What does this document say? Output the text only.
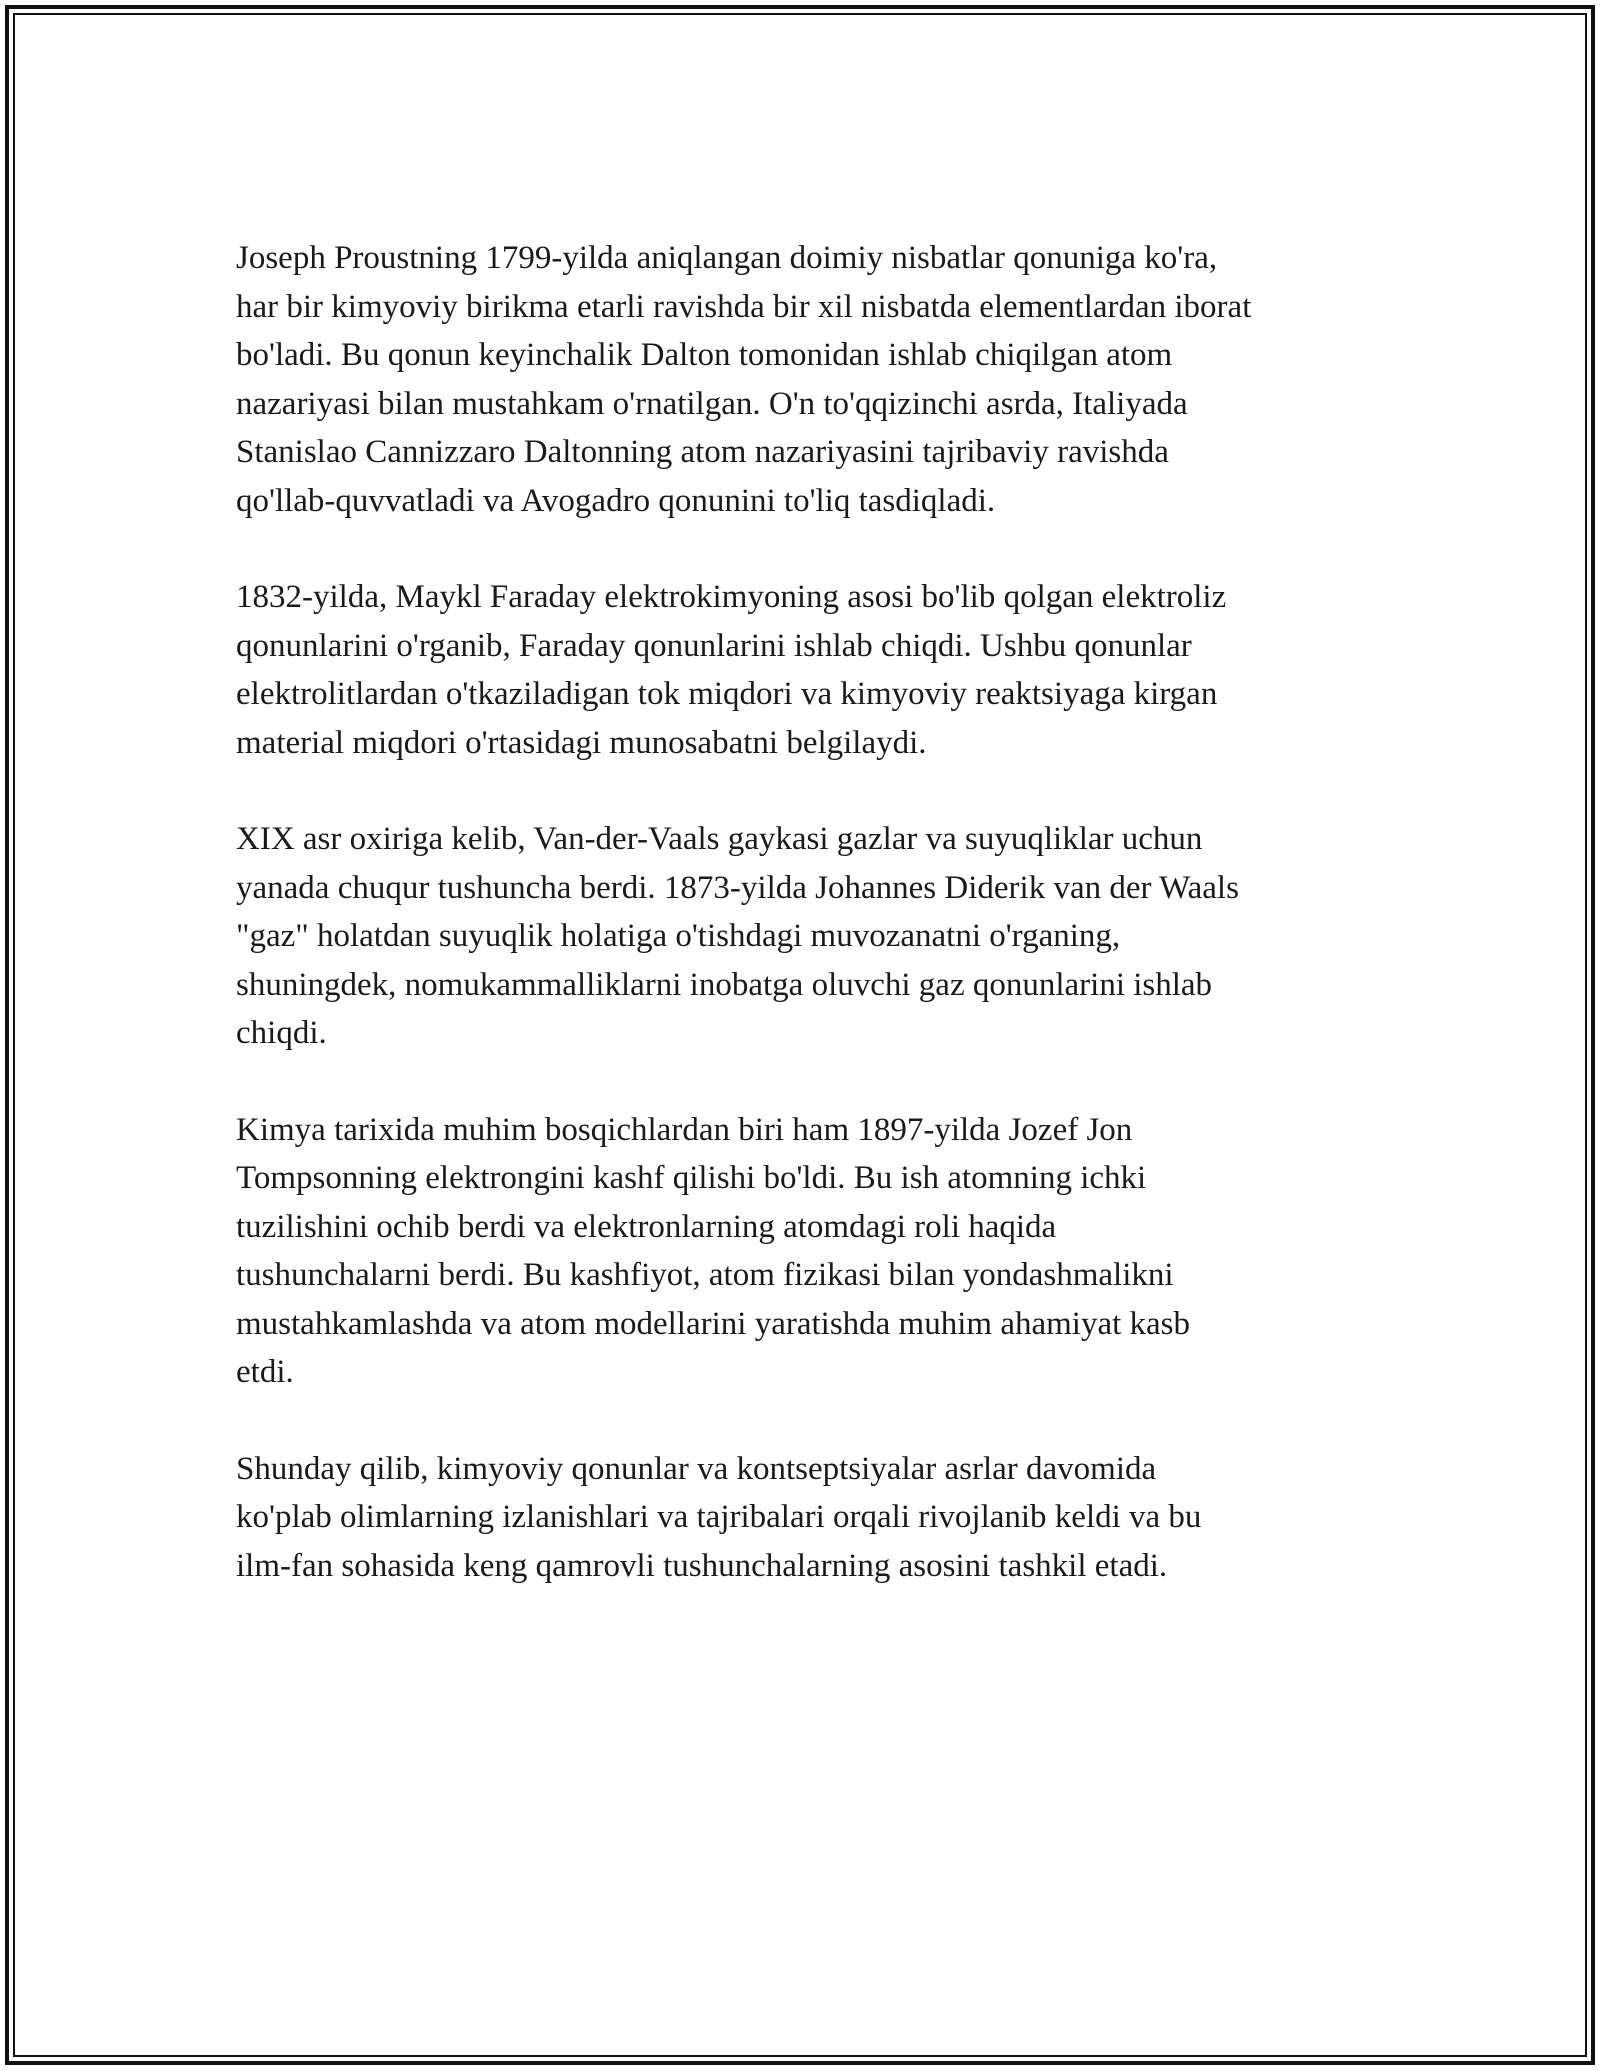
Joseph Proustning 1799-yilda aniqlangan doimiy nisbatlar qonuniga ko'ra,
har bir kimyoviy birikma etarli ravishda bir xil nisbatda elementlardan iborat
bo'ladi. Bu qonun keyinchalik Dalton tomonidan ishlab chiqilgan atom
nazariyasi bilan mustahkam o'rnatilgan. O'n to'qqizinchi asrda, Italiyada
Stanislao Cannizzaro Daltonning atom nazariyasini tajribaviy ravishda
qo'llab-quvvatladi va Avogadro qonunini to'liq tasdiqladi.

1832-yilda, Maykl Faraday elektrokimyoning asosi bo'lib qolgan elektroliz
qonunlarini o'rganib, Faraday qonunlarini ishlab chiqdi. Ushbu qonunlar
elektrolitlardan o'tkaziladigan tok miqdori va kimyoviy reaktsiyaga kirgan
material miqdori o'rtasidagi munosabatni belgilaydi.

XIX asr oxiriga kelib, Van-der-Vaals gaykasi gazlar va suyuqliklar uchun
yanada chuqur tushuncha berdi. 1873-yilda Johannes Diderik van der Waals
"gaz" holatdan suyuqlik holatiga o'tishdagi muvozanatni o'rganing,
shuningdek, nomukammalliklarni inobatga oluvchi gaz qonunlarini ishlab
chiqdi.

Kimya tarixida muhim bosqichlardan biri ham 1897-yilda Jozef Jon
Tompsonning elektrongini kashf qilishi bo'ldi. Bu ish atomning ichki
tuzilishini ochib berdi va elektronlarning atomdagi roli haqida
tushunchalarni berdi. Bu kashfiyot, atom fizikasi bilan yondashmalikni
mustahkamlashda va atom modellarini yaratishda muhim ahamiyat kasb
etdi.

Shunday qilib, kimyoviy qonunlar va kontseptsiyalar asrlar davomida
ko'plab olimlarning izlanishlari va tajribalari orqali rivojlanib keldi va bu
ilm-fan sohasida keng qamrovli tushunchalarning asosini tashkil etadi.
